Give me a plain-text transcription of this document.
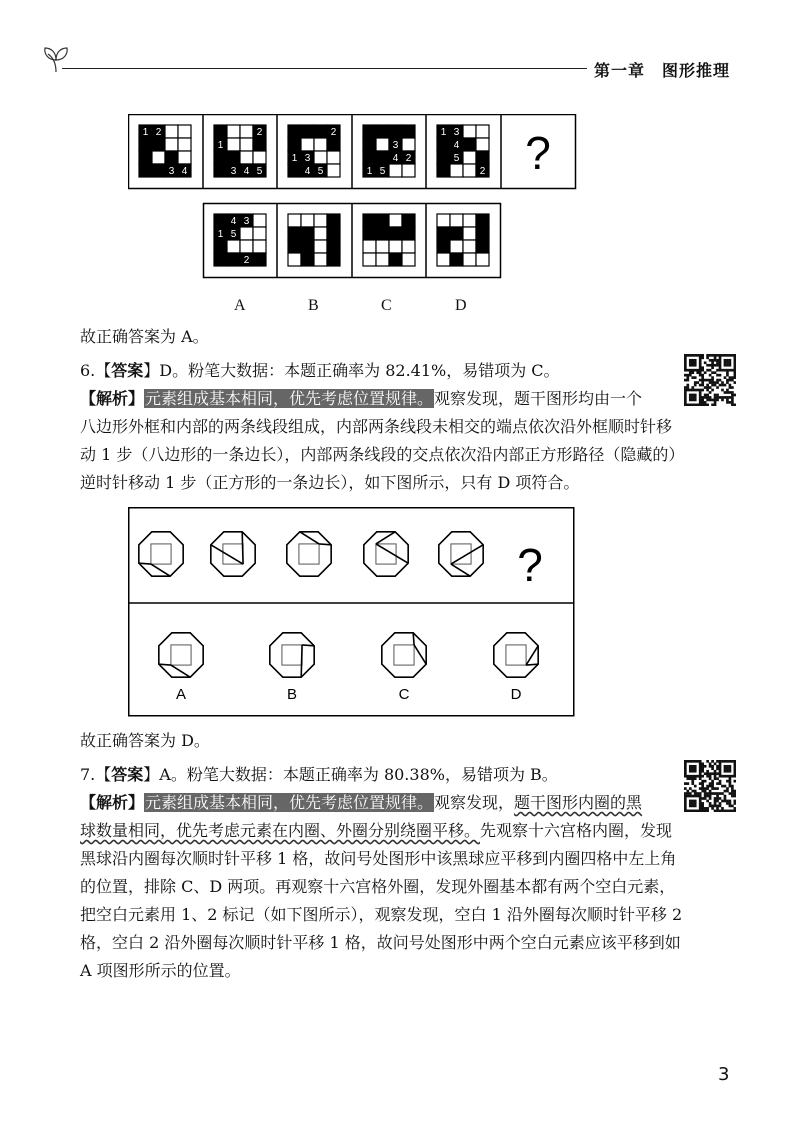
第一章　图形推理
1 2
5
3 4
2
1
3 4 5
2
1 3
4 5
3
4 2
1 5
1 3
4
5
2 ?
4 3
1 5
2
A	B	C	D
故正确答案为 A。
6.【答案】D。粉笔大数据：本题正确率为 82.41%，易错项为 C。
【解析】元素组成基本相同，优先考虑位置规律。观察发现，题干图形均由一个
八边形外框和内部的两条线段组成，内部两条线段未相交的端点依次沿外框顺时针移
动 1 步（八边形的一条边长），内部两条线段的交点依次沿内部正方形路径（隐藏的）
逆时针移动 1 步（正方形的一条边长），如下图所示，只有 D 项符合。
?
A	B	C	D
故正确答案为 D。
7.【答案】A。粉笔大数据：本题正确率为 80.38%，易错项为 B。
【解析】元素组成基本相同，优先考虑位置规律。观察发现，题干图形内圈的黑
球数量相同，优先考虑元素在内圈、外圈分别绕圈平移。先观察十六宫格内圈，发现
黑球沿内圈每次顺时针平移 1 格，故问号处图形中该黑球应平移到内圈四格中左上角
的位置，排除 C、D 两项。再观察十六宫格外圈，发现外圈基本都有两个空白元素，
把空白元素用 1、2 标记（如下图所示），观察发现，空白 1 沿外圈每次顺时针平移 2
格，空白 2 沿外圈每次顺时针平移 1 格，故问号处图形中两个空白元素应该平移到如
A 项图形所示的位置。
3
